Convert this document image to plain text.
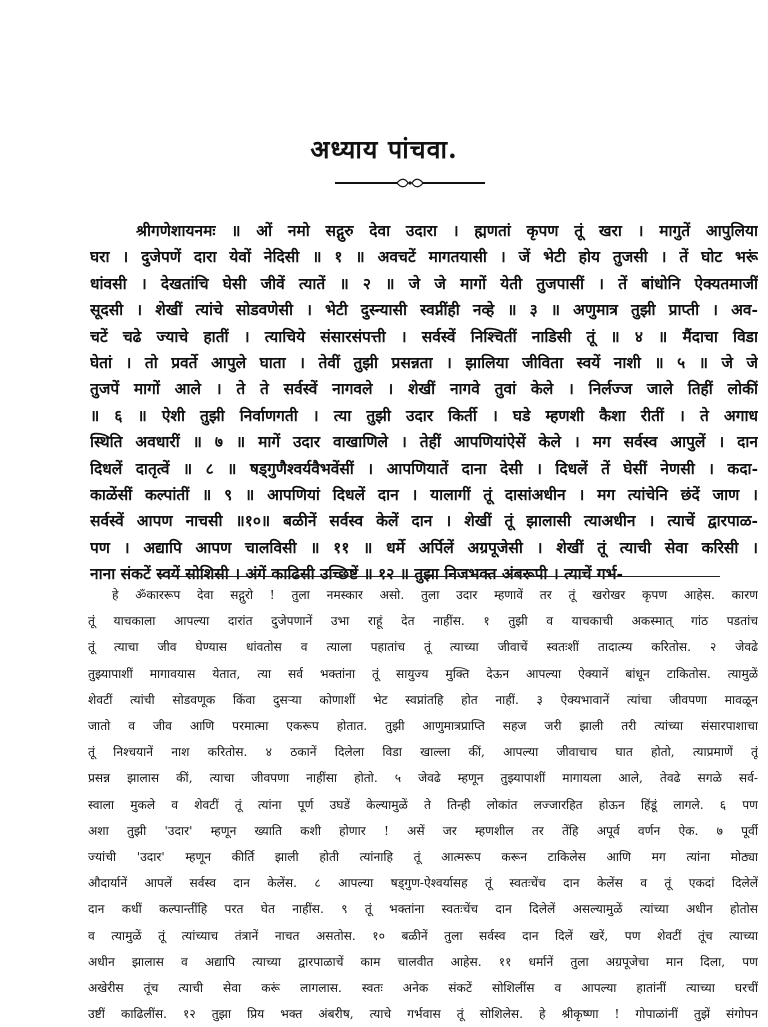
अध्याय पांचवा.
श्रीगणेशायनमः ॥ ओं नमो सद्गुरु देवा उदारा । ह्मणतां कृपण तूं खरा । मागुतें आपुलिया
घरा । दुजेपणें दारा येवों नेदिसी ॥ १ ॥ अवचटें मागतयासी । जें भेटी होय तुजसी । तें घोट भरूं
धांवसी । देखतांचि घेसी जीवें त्यातें ॥ २ ॥ जे जे मागों येती तुजपासीं । तें बांधोनि ऐक्यतमाजीं
सूदसी । शेखीं त्यांचे सोडवणेसी । भेटी दुस्न्यासी स्वप्नींही नव्हे ॥ ३ ॥ अणुमात्र तुझी प्राप्ती । अव-
चटें चढे ज्याचे हातीं । त्याचिये संसारसंपत्ती । सर्वस्वें निश्चितीं नाडिसी तूं ॥ ४ ॥ मैंदाचा विडा
घेतां । तो प्रवर्ते आपुले घाता । तेवीं तुझी प्रसन्नता । झालिया जीविता स्वयें नाशी ॥ ५ ॥ जे जे
तुजपें मागों आले । ते ते सर्वस्वें नागवले । शेखीं नागवे तुवां केले । निर्लज्ज जाले तिहीं लोकीं
॥ ६ ॥ ऐशी तुझी निर्वाणगती । त्या तुझी उदार किर्ती । घडे म्हणशी कैशा रीतीं । ते अगाध
स्थिति अवधारीं ॥ ७ ॥ मागें उदार वाखाणिले । तेहीं आपणियांऐसें केले । मग सर्वस्व आपुलें । दान
दिधलें दातृत्वें ॥ ८ ॥ षड्गुणैश्वर्यवैभवेंसीं । आपणियातें दाना देसी । दिधलें तें घेसीं नेणसी । कदा-
काळेंसीं कल्पांतीं ॥ ९ ॥ आपणियां दिधलें दान । यालागीं तूं दासांअधीन । मग त्यांचेनि छंदें जाण ।
सर्वस्वें आपण नाचसी ॥१०॥ बळीनें सर्वस्व केलें दान । शेखीं तूं झालासी त्याअधीन । त्याचें द्वारपाळ-
पण । अद्यापि आपण चालविसी ॥ ११ ॥ धर्मे अर्पिलें अग्रपूजेसी । शेखीं तूं त्याची सेवा करिसी ।
नाना संकटें स्वयें सोशिसी । अंगें काढिसी उच्छिष्टें ॥ १२ ॥ तुझा निजभक्त अंबरूपी । त्याचें गर्भ-
हे ॐकाररूप देवा सद्गुरो ! तुला नमस्कार असो. तुला उदार म्हणावें तर तूं खरोखर कृपण आहेस. कारण
तूं याचकाला आपल्या दारांत दुजेपणानें उभा राहूं देत नाहींस. १ तुझी व याचकाची अकस्मात् गांठ पडतांच
तूं त्याचा जीव घेण्यास धांवतोस व त्याला पहातांच तूं त्याच्या जीवाचें स्वतःशीं तादात्म्य करितोस. २ जेवढे
तुझ्यापाशीं मागावयास येतात, त्या सर्व भक्तांना तूं सायुज्य मुक्ति देऊन आपल्या ऐक्यानें बांधून टाकितोस. त्यामुळें
शेवटीं त्यांची सोडवणूक किंवा दुसऱ्या कोणाशीं भेट स्वप्नांतहि होत नाहीं. ३ ऐक्यभावानें त्यांचा जीवपणा मावळून
जातो व जीव आणि परमात्मा एकरूप होतात. तुझी आणुमात्रप्राप्ति सहज जरी झाली तरी त्यांच्या संसारपाशाचा
तूं निश्चयानें नाश करितोस. ४ ठकानें दिलेला विडा खाल्ला कीं, आपल्या जीवाचाच घात होतो, त्याप्रमाणें तूं
प्रसन्न झालास कीं, त्याचा जीवपणा नाहींसा होतो. ५ जेवढे म्हणून तुझ्यापाशीं मागायला आले, तेवढे सगळे सर्व-
स्वाला मुकले व शेवटीं तूं त्यांना पूर्ण उघडें केल्यामुळें ते तिन्ही लोकांत लज्जारहित होऊन हिंडूं लागले. ६ पण
अशा तुझी 'उदार' म्हणून ख्याति कशी होणार ! असें जर म्हणशील तर तेंहि अपूर्व वर्णन ऐक. ७ पूर्वी
ज्यांची 'उदार' म्हणून कीर्ति झाली होती त्यांनाहि तूं आत्मरूप करून टाकिलेस आणि मग त्यांना मोठ्या
औदार्यानें आपलें सर्वस्व दान केलेंस. ८ आपल्या षड्गुण-ऐश्वर्यासह तूं स्वतःचेंच दान केलेंस व तूं एकदां दिलेलें
दान कधीं कल्पान्तींहि परत घेत नाहींस. ९ तूं भक्तांना स्वतःचेंच दान दिलेलें असल्यामुळें त्यांच्या अधीन होतोस
व त्यामुळें तूं त्यांच्याच तंत्रानें नाचत असतोस. १० बळीनें तुला सर्वस्व दान दिलें खरें, पण शेवटीं तूंच त्याच्या
अधीन झालास व अद्यापि त्याच्या द्वारपाळाचें काम चालवीत आहेस. ११ धर्मानें तुला अग्रपूजेचा मान दिला, पण
अखेरीस तूंच त्याची सेवा करूं लागलास. स्वतः अनेक संकटें सोशिलींस व आपल्या हातांनीं त्याच्या घरचीं
उष्टीं काढिलींस. १२ तुझा प्रिय भक्त अंबरीष, त्याचे गर्भवास तूं सोशिलेस. हे श्रीकृष्णा ! गोपाळांनीं तुझें संगोपन
